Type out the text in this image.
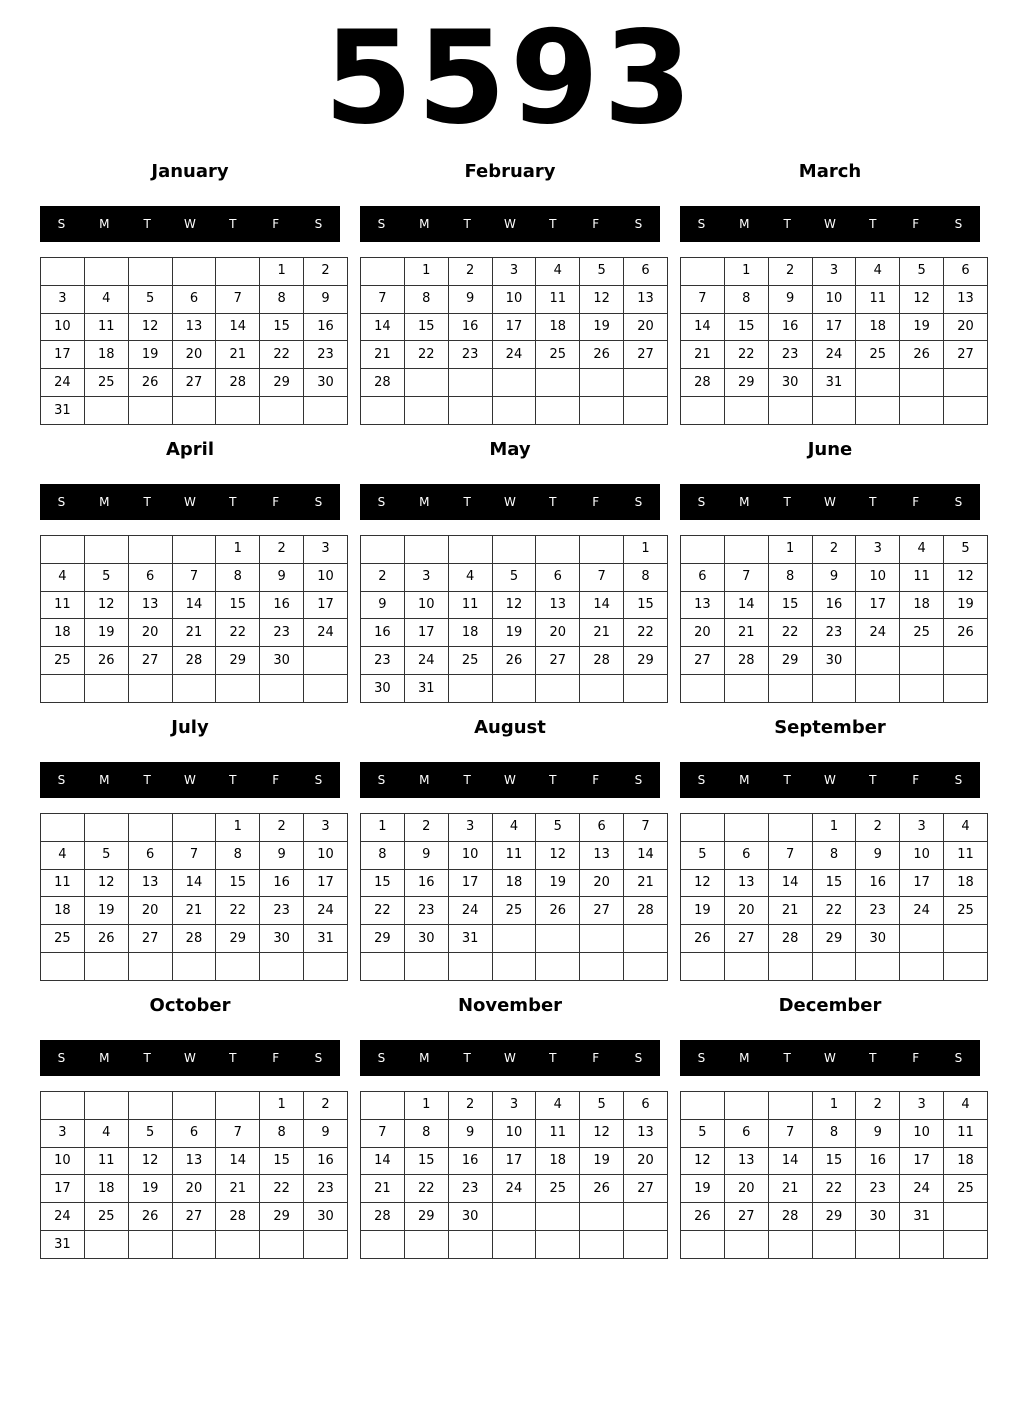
5593
January
S	M	T	W	T	F	S
					1	2
3	4	5	6	7	8	9
10	11	12	13	14	15	16
17	18	19	20	21	22	23
24	25	26	27	28	29	30
31						
February
S	M	T	W	T	F	S
	1	2	3	4	5	6
7	8	9	10	11	12	13
14	15	16	17	18	19	20
21	22	23	24	25	26	27
28						

March
S	M	T	W	T	F	S
	1	2	3	4	5	6
7	8	9	10	11	12	13
14	15	16	17	18	19	20
21	22	23	24	25	26	27
28	29	30	31			

April
S	M	T	W	T	F	S
				1	2	3
4	5	6	7	8	9	10
11	12	13	14	15	16	17
18	19	20	21	22	23	24
25	26	27	28	29	30	

May
S	M	T	W	T	F	S
						1
2	3	4	5	6	7	8
9	10	11	12	13	14	15
16	17	18	19	20	21	22
23	24	25	26	27	28	29
30	31					
June
S	M	T	W	T	F	S
		1	2	3	4	5
6	7	8	9	10	11	12
13	14	15	16	17	18	19
20	21	22	23	24	25	26
27	28	29	30			

July
S	M	T	W	T	F	S
				1	2	3
4	5	6	7	8	9	10
11	12	13	14	15	16	17
18	19	20	21	22	23	24
25	26	27	28	29	30	31

August
S	M	T	W	T	F	S
1	2	3	4	5	6	7
8	9	10	11	12	13	14
15	16	17	18	19	20	21
22	23	24	25	26	27	28
29	30	31				

September
S	M	T	W	T	F	S
			1	2	3	4
5	6	7	8	9	10	11
12	13	14	15	16	17	18
19	20	21	22	23	24	25
26	27	28	29	30		

October
S	M	T	W	T	F	S
					1	2
3	4	5	6	7	8	9
10	11	12	13	14	15	16
17	18	19	20	21	22	23
24	25	26	27	28	29	30
31						
November
S	M	T	W	T	F	S
	1	2	3	4	5	6
7	8	9	10	11	12	13
14	15	16	17	18	19	20
21	22	23	24	25	26	27
28	29	30				

December
S	M	T	W	T	F	S
			1	2	3	4
5	6	7	8	9	10	11
12	13	14	15	16	17	18
19	20	21	22	23	24	25
26	27	28	29	30	31	
